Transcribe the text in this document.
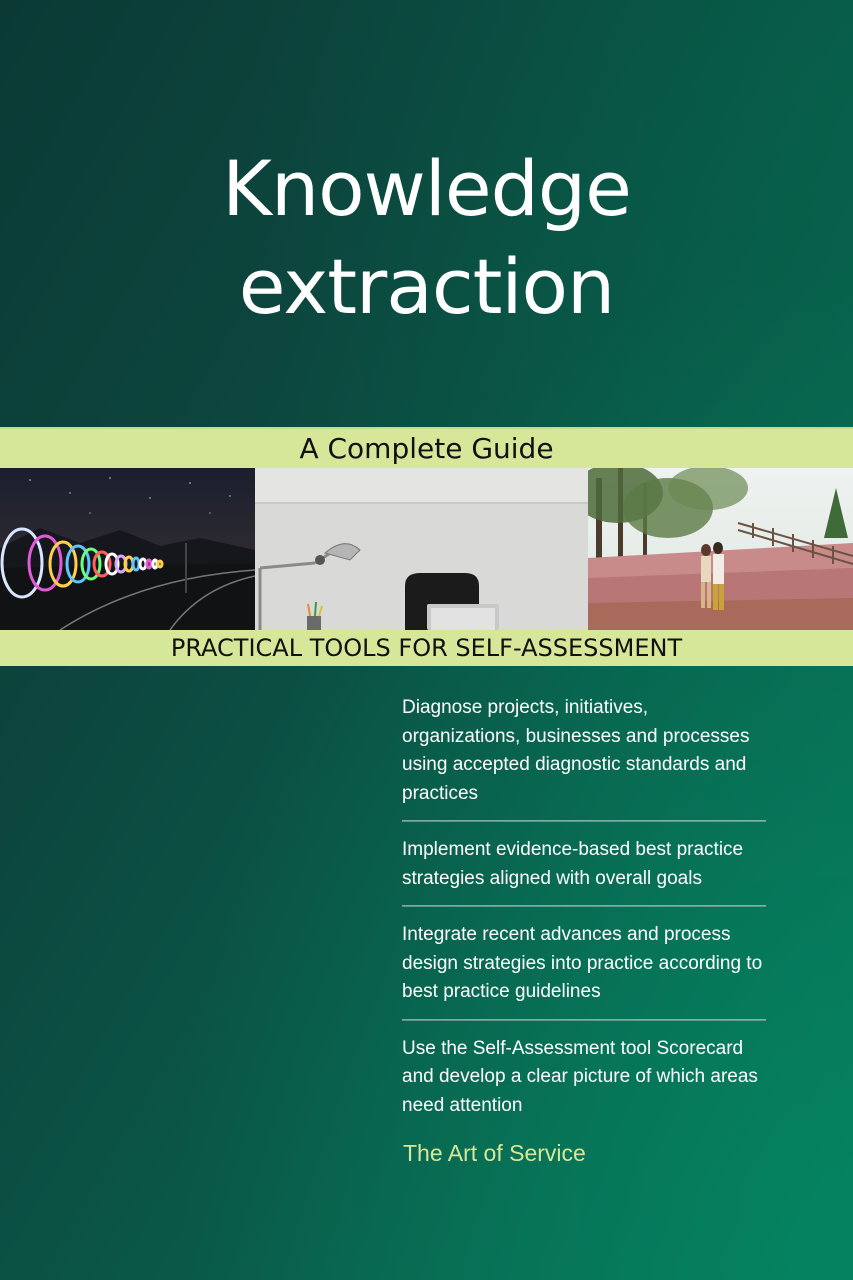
Knowledge
extraction
A Complete Guide
PRACTICAL TOOLS FOR SELF-ASSESSMENT
Diagnose projects, initiatives, organizations, businesses and processes using accepted diagnostic standards and practices
Implement evidence-based best practice strategies aligned with overall goals
Integrate recent advances and process design strategies into practice according to best practice guidelines
Use the Self-Assessment tool Scorecard and develop a clear picture of which areas need attention
The Art of Service
